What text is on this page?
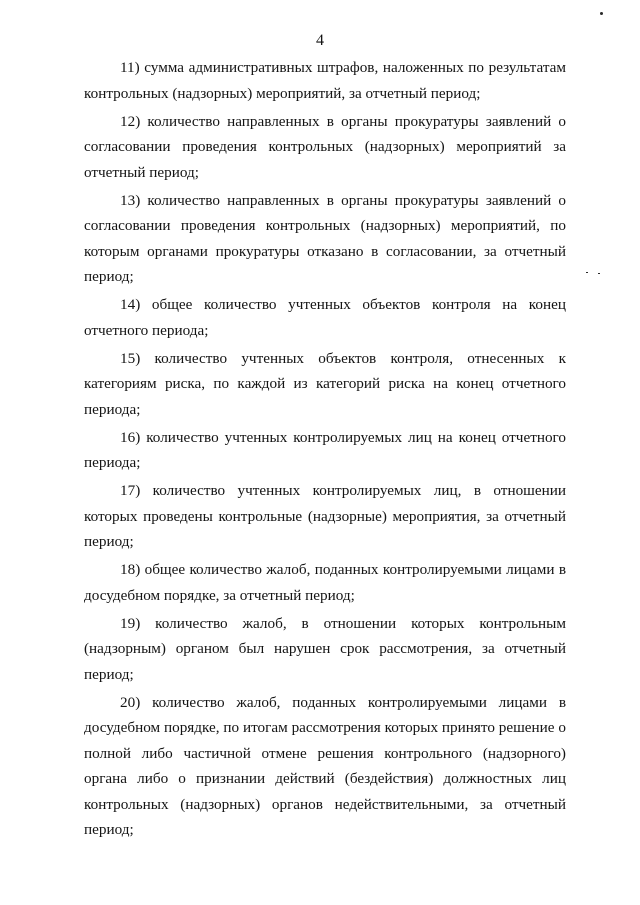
4

11) сумма административных штрафов, наложенных по результатам контрольных (надзорных) мероприятий, за отчетный период;

12) количество направленных в органы прокуратуры заявлений о согласовании проведения контрольных (надзорных) мероприятий за отчетный период;

13) количество направленных в органы прокуратуры заявлений о согласовании проведения контрольных (надзорных) мероприятий, по которым органами прокуратуры отказано в согласовании, за отчетный период;

14) общее количество учтенных объектов контроля на конец отчетного периода;

15) количество учтенных объектов контроля, отнесенных к категориям риска, по каждой из категорий риска на конец отчетного периода;

16) количество учтенных контролируемых лиц на конец отчетного периода;

17) количество учтенных контролируемых лиц, в отношении которых проведены контрольные (надзорные) мероприятия, за отчетный период;

18) общее количество жалоб, поданных контролируемыми лицами в досудебном порядке, за отчетный период;

19) количество жалоб, в отношении которых контрольным (надзорным) органом был нарушен срок рассмотрения, за отчетный период;

20) количество жалоб, поданных контролируемыми лицами в досудебном порядке, по итогам рассмотрения которых принято решение о полной либо частичной отмене решения контрольного (надзорного) органа либо о признании действий (бездействия) должностных лиц контрольных (надзорных) органов недействительными, за отчетный период;
